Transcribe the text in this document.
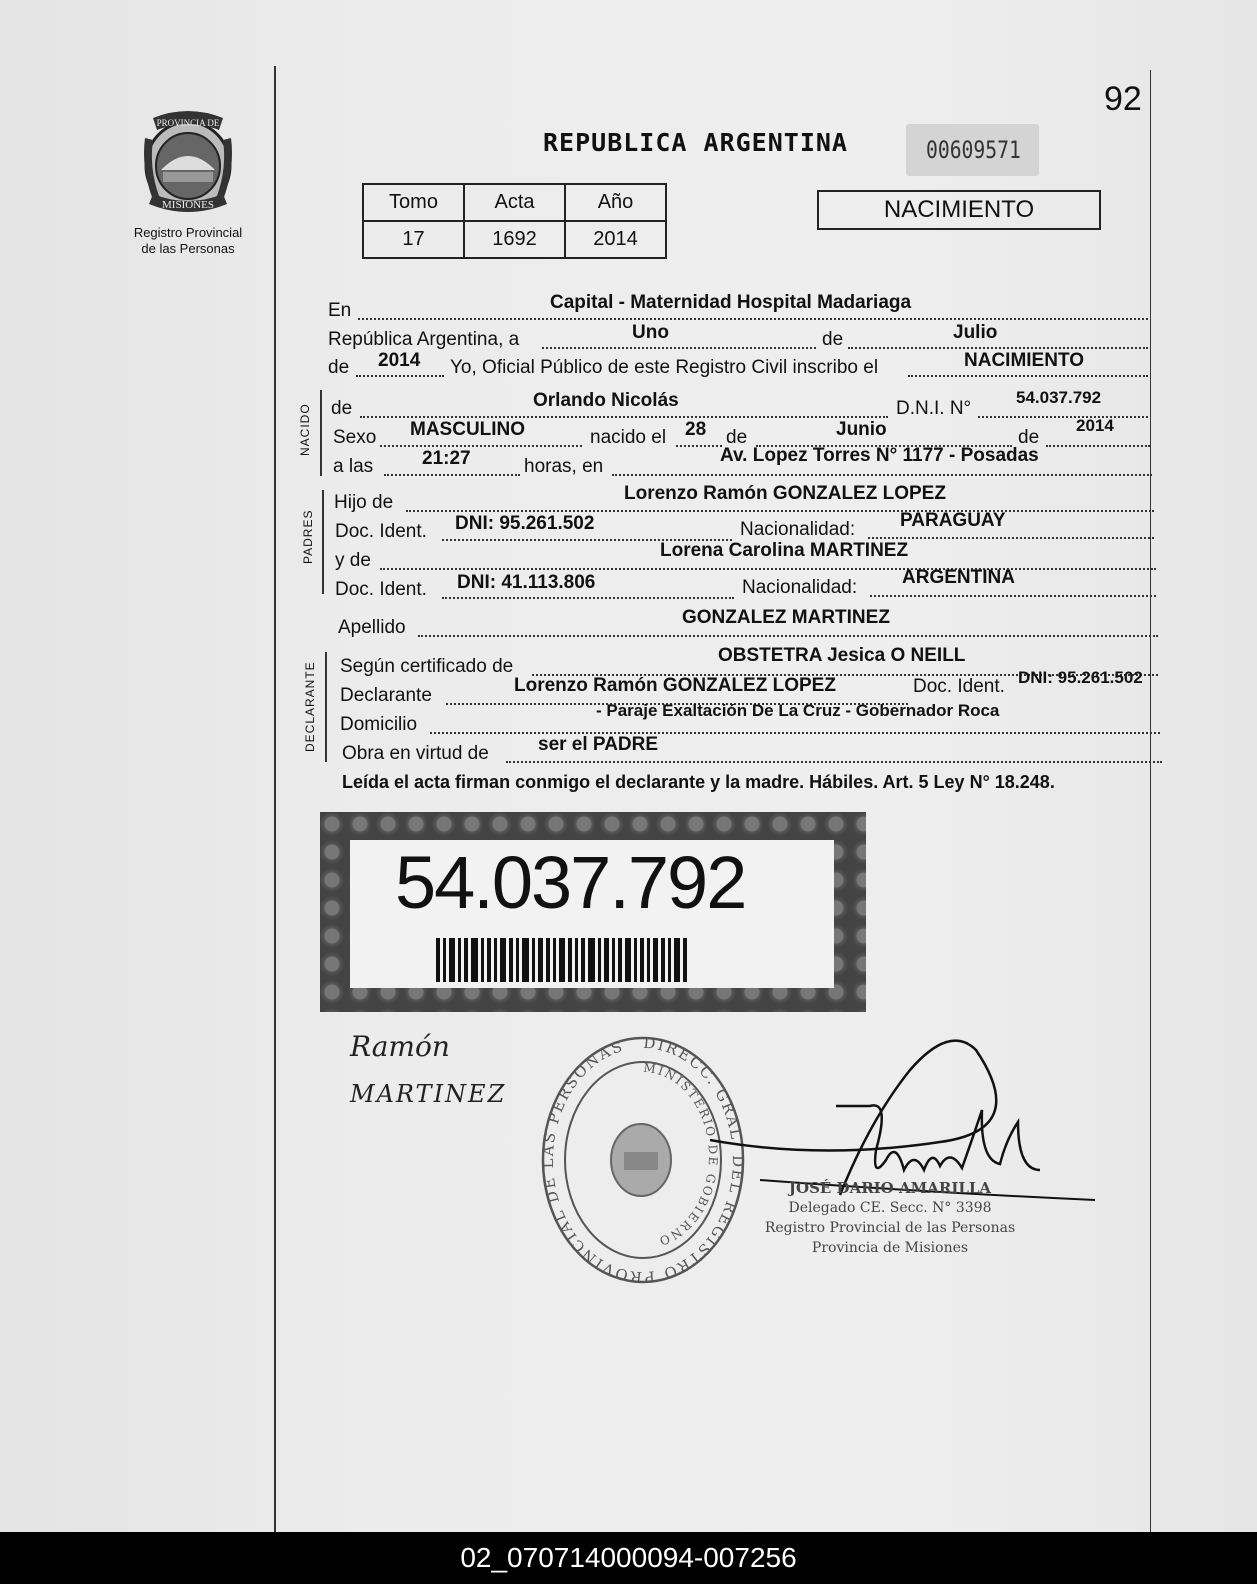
92
PROVINCIA DE
MISIONES
Registro Provincial
de las Personas
REPUBLICA ARGENTINA	00609571
Tomo	Acta	Año
17	1692	2014
NACIMIENTO
En	Capital - Maternidad Hospital Madariaga
República Argentina, a	Uno	de	Julio
de 2014 Yo, Oficial Público de este Registro Civil inscribo el	NACIMIENTO
NACIDO de	Orlando Nicolás	D.N.I. N°
54.037.792
Sexo MASCULINO	nacido el 28 de	Junio	de
2014
a las	21:27	horas, en
Av. Lopez Torres N° 1177 - Posadas
PADRES
Hijo de	Lorenzo Ramón GONZALEZ LOPEZ
Doc. Ident. DNI: 95.261.502	Nacionalidad: PARAGUAY
y de	Lorena Carolina MARTINEZ
Doc. Ident. DNI: 41.113.806	Nacionalidad: ARGENTINA
Apellido	GONZALEZ MARTINEZ
DECLARANTE Según certificado de
OBSTETRA Jesica O NEILL
Declarante	Lorenzo Ramón GONZALEZ LOPEZ	Doc. Ident. DNI: 95.261.502
Domicilio
- Paraje Exaltación De La Cruz - Gobernador Roca
Obra en virtud de	ser el PADRE
Leída el acta firman conmigo el declarante y la madre. Hábiles. Art. 5 Ley N° 18.248.
54.037.792
Ramón
MARTINEZ
DIRECC. GRAL. DEL REGISTRO PROVINCIAL DE LAS PERSONAS
MINISTERIO DE GOBIERNO
JOSÉ DARIO AMARILLA
Delegado CE. Secc. N° 3398
Registro Provincial de las Personas
Provincia de Misiones
02_070714000094-007256
